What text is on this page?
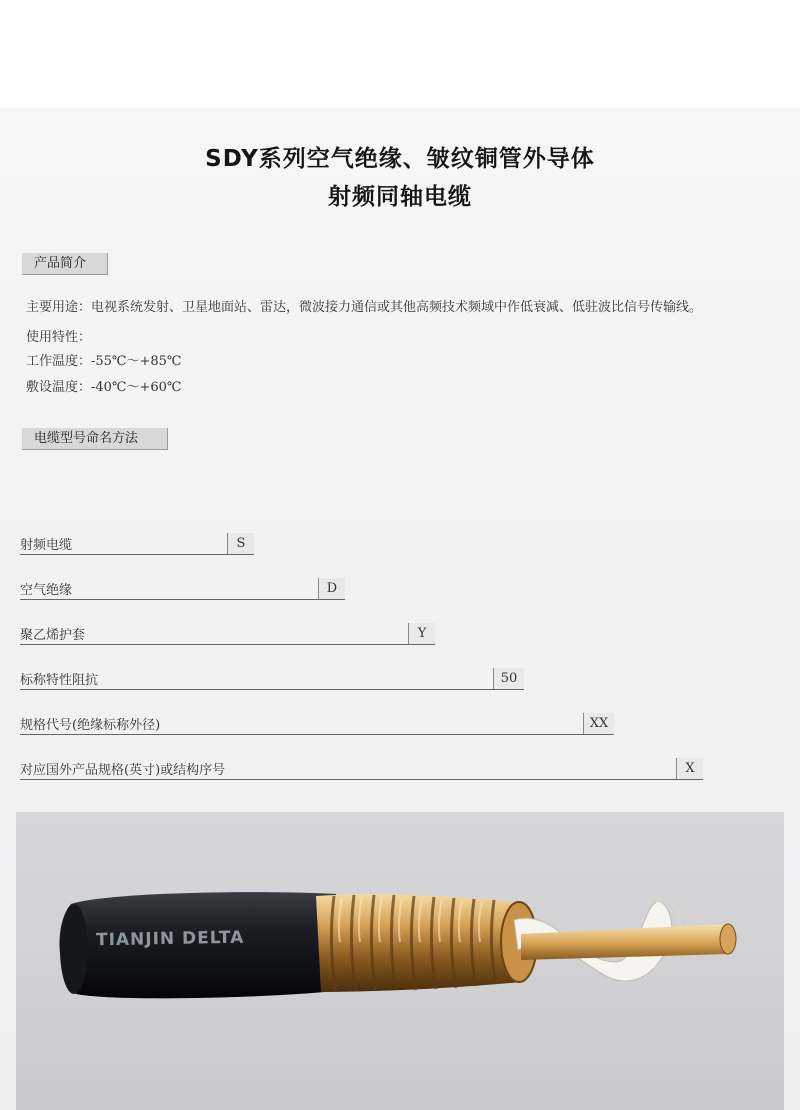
SDY系列空气绝缘、皱纹铜管外导体
射频同轴电缆
产品简介
主要用途：电视系统发射、卫星地面站、雷达，微波接力通信或其他高频技术频域中作低衰减、低驻波比信号传输线。
使用特性：
工作温度：-55℃～+85℃
敷设温度：-40℃～+60℃
电缆型号命名方法
射频电缆	S
空气绝缘	D
聚乙烯护套	Y
标称特性阻抗	50
规格代号(绝缘标称外径)	XX
对应国外产品规格(英寸)或结构序号	X
TIANJIN DELTA
